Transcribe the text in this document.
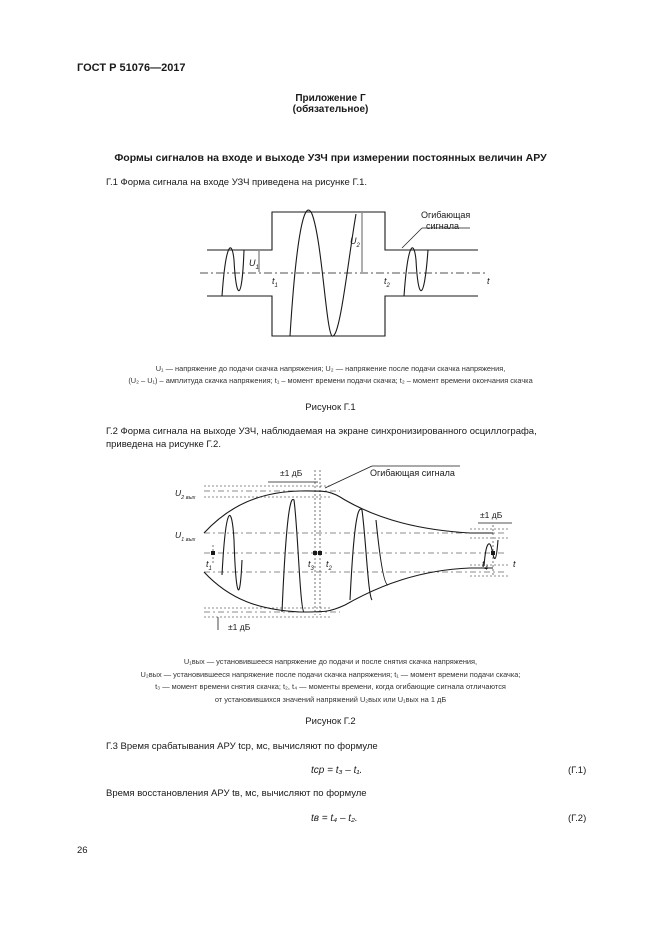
ГОСТ Р 51076—2017
Приложение Г
(обязательное)
Формы сигналов на входе и выходе УЗЧ при измерении постоянных величин АРУ
Г.1 Форма сигнала на входе УЗЧ приведена на рисунке Г.1.
$U_1$
$U_2$
$t_1$	$t_2$	t
Огибающая
сигнала
U₁ — напряжение до подачи скачка напряжения; U₂ — напряжение после подачи скачка напряжения,
(U₂ – U₁) – амплитуда скачка напряжения; t₁ – момент времени подачи скачка; t₂ – момент времени окончания скачка
Рисунок Г.1
Г.2 Форма сигнала на выходе УЗЧ, наблюдаемая на экране синхронизированного осциллографа, приведена на рисунке Г.2.
$U_{2 вых}$
$U_{1 вых}$
±1 дБ
±1 дБ
±1 дБ
Огибающая сигнала
$t_1$	$t_3$ $t_2$	$t_4$	t
U₁вых — установившееся напряжение до подачи и после снятия скачка напряжения,
U₂вых — установившееся напряжение после подачи скачка напряжения; t₁ — момент времени подачи скачка;
t₃ — момент времени снятия скачка; t₂, t₄ — моменты времени, когда огибающие сигнала отличаются
от установившихся значений напряжений U₂вых или U₁вых на 1 дБ
Рисунок Г.2
Г.3 Время срабатывания АРУ tср, мс, вычисляют по формуле
tср = t₃ – t₁.	(Г.1)
Время восстановления АРУ tв, мс, вычисляют по формуле
tв = t₄ – t₂.	(Г.2)
26
